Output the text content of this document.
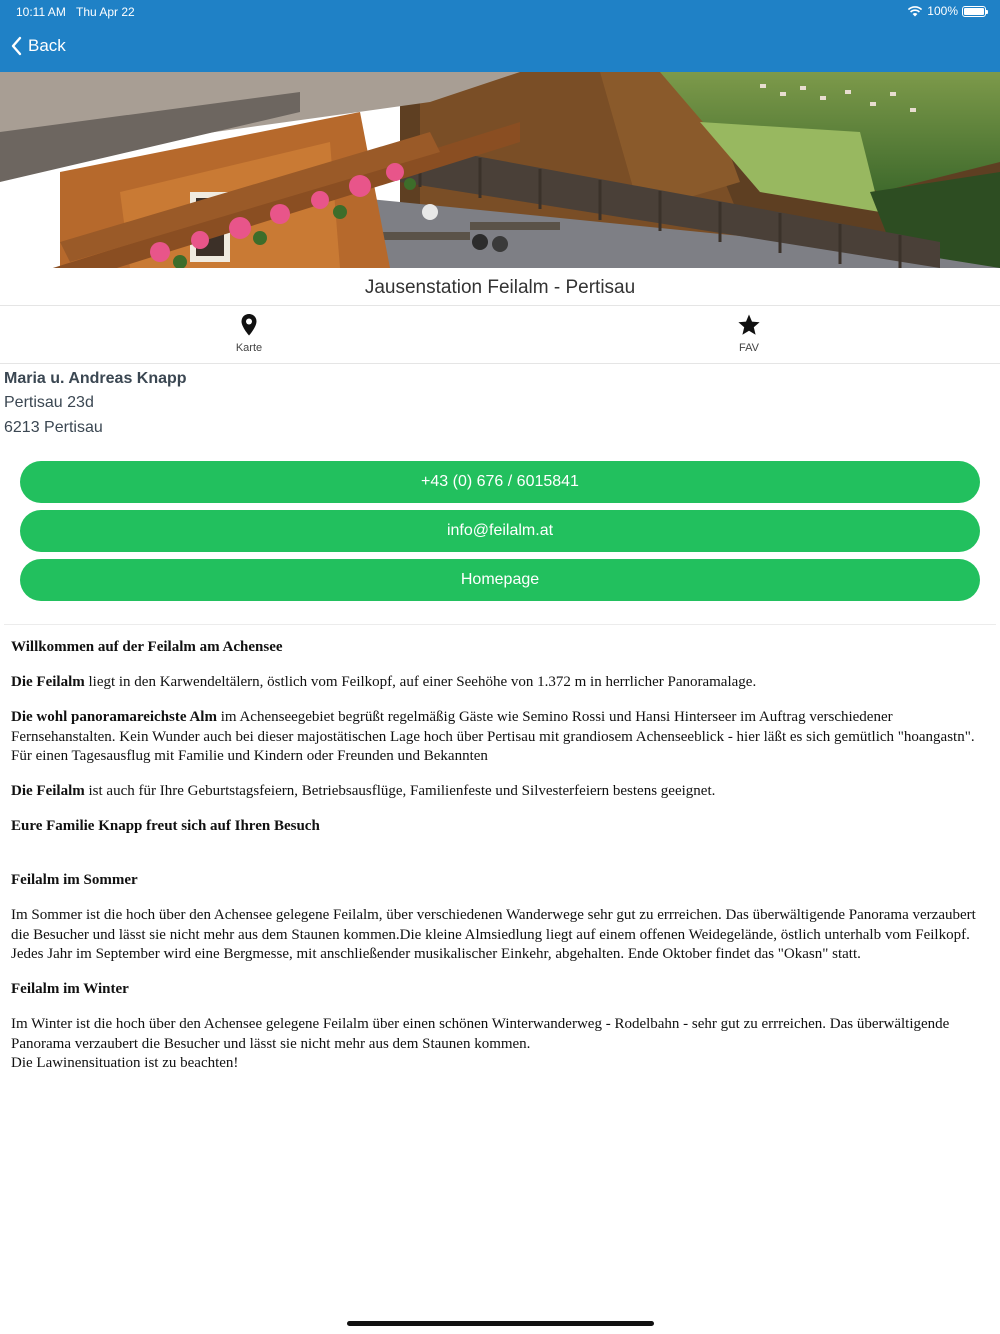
10:11 AM Thu Apr 22	100%
Back
Jausenstation Feilalm - Pertisau
Karte	FAV
Maria u. Andreas Knapp
Pertisau 23d
6213 Pertisau
+43 (0) 676 / 6015841
info@feilalm.at
Homepage
Willkommen auf der Feilalm am Achensee

Die Feilalm liegt in den Karwendeltälern, östlich vom Feilkopf, auf einer Seehöhe von 1.372 m in herrlicher Panoramalage.

Die wohl panoramareichste Alm im Achenseegebiet begrüßt regelmäßig Gäste wie Semino Rossi und Hansi Hinterseer im Auftrag verschiedener Fernsehanstalten. Kein Wunder auch bei dieser majostätischen Lage hoch über Pertisau mit grandiosem Achenseeblick - hier läßt es sich gemütlich "hoangastn". Für einen Tagesausflug mit Familie und Kindern oder Freunden und Bekannten

Die Feilalm ist auch für Ihre Geburtstagsfeiern, Betriebsausflüge, Familienfeste und Silvesterfeiern bestens geeignet.

Eure Familie Knapp freut sich auf Ihren Besuch
Feilalm im Sommer

Im Sommer ist die hoch über den Achensee gelegene Feilalm, über verschiedenen Wanderwege sehr gut zu errreichen. Das überwältigende Panorama verzaubert die Besucher und lässt sie nicht mehr aus dem Staunen kommen.Die kleine Almsiedlung liegt auf einem offenen Weidegelände, östlich unterhalb vom Feilkopf. Jedes Jahr im September wird eine Bergmesse, mit anschließender musikalischer Einkehr, abgehalten. Ende Oktober findet das "Okasn" statt.

Feilalm im Winter

Im Winter ist die hoch über den Achensee gelegene Feilalm über einen schönen Winterwanderweg - Rodelbahn - sehr gut zu errreichen. Das überwältigende Panorama verzaubert die Besucher und lässt sie nicht mehr aus dem Staunen kommen.
Die Lawinensituation ist zu beachten!
